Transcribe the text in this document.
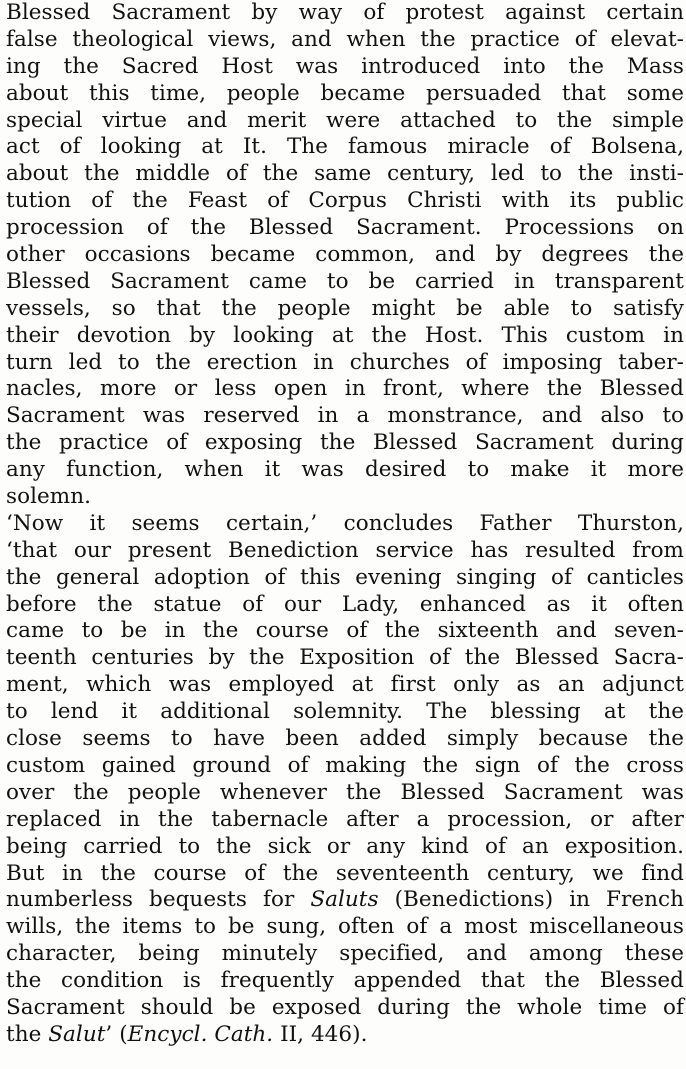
Blessed Sacrament by way of protest against certain
false theological views, and when the practice of elevat-
ing the Sacred Host was introduced into the Mass
about this time, people became persuaded that some
special virtue and merit were attached to the simple
act of looking at It. The famous miracle of Bolsena,
about the middle of the same century, led to the insti-
tution of the Feast of Corpus Christi with its public
procession of the Blessed Sacrament. Processions on
other occasions became common, and by degrees the
Blessed Sacrament came to be carried in transparent
vessels, so that the people might be able to satisfy
their devotion by looking at the Host. This custom in
turn led to the erection in churches of imposing taber-
nacles, more or less open in front, where the Blessed
Sacrament was reserved in a monstrance, and also to
the practice of exposing the Blessed Sacrament during
any function, when it was desired to make it more
solemn.
‘Now it seems certain,’ concludes Father Thurston,
‘that our present Benediction service has resulted from
the general adoption of this evening singing of canticles
before the statue of our Lady, enhanced as it often
came to be in the course of the sixteenth and seven-
teenth centuries by the Exposition of the Blessed Sacra-
ment, which was employed at first only as an adjunct
to lend it additional solemnity. The blessing at the
close seems to have been added simply because the
custom gained ground of making the sign of the cross
over the people whenever the Blessed Sacrament was
replaced in the tabernacle after a procession, or after
being carried to the sick or any kind of an exposition.
But in the course of the seventeenth century, we find
numberless bequests for Saluts (Benedictions) in French
wills, the items to be sung, often of a most miscellaneous
character, being minutely specified, and among these
the condition is frequently appended that the Blessed
Sacrament should be exposed during the whole time of
the Salut’ (Encycl. Cath. II, 446).
